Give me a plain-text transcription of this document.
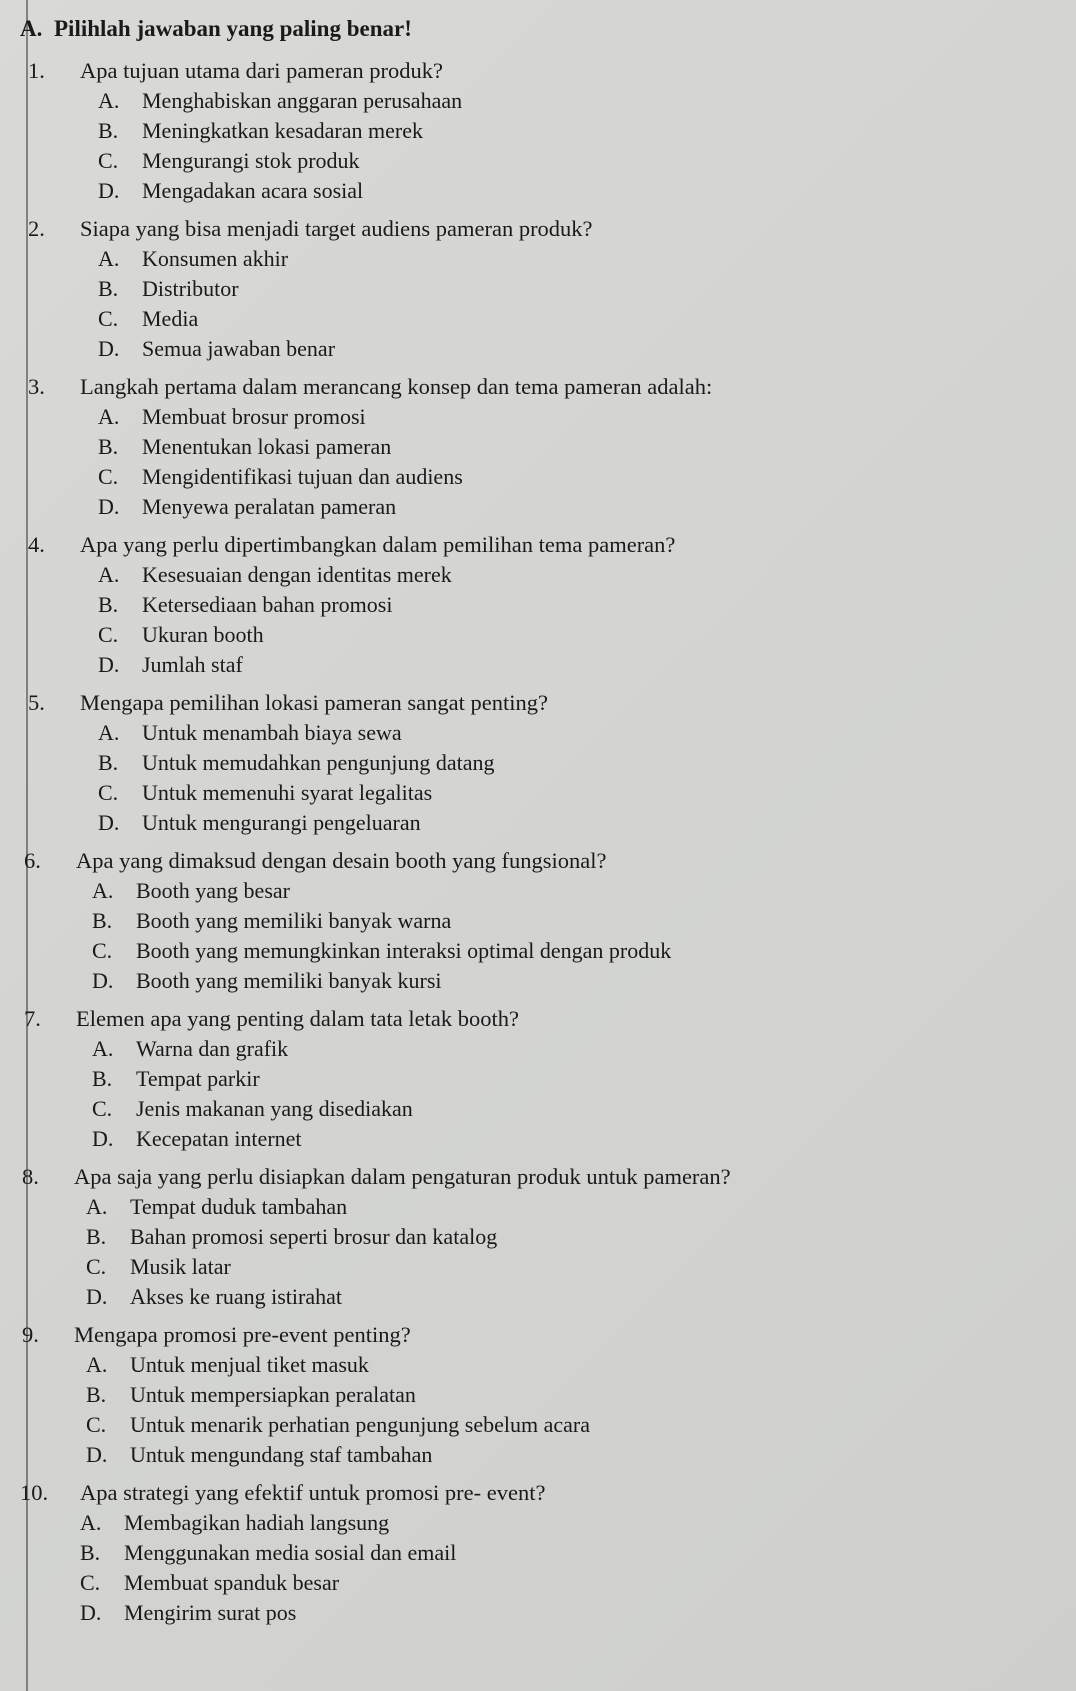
A. Pilihlah jawaban yang paling benar!
1. Apa tujuan utama dari pameran produk?
A. Menghabiskan anggaran perusahaan
B. Meningkatkan kesadaran merek
C. Mengurangi stok produk
D. Mengadakan acara sosial
2. Siapa yang bisa menjadi target audiens pameran produk?
A. Konsumen akhir
B. Distributor
C. Media
D. Semua jawaban benar
3. Langkah pertama dalam merancang konsep dan tema pameran adalah:
A. Membuat brosur promosi
B. Menentukan lokasi pameran
C. Mengidentifikasi tujuan dan audiens
D. Menyewa peralatan pameran
4. Apa yang perlu dipertimbangkan dalam pemilihan tema pameran?
A. Kesesuaian dengan identitas merek
B. Ketersediaan bahan promosi
C. Ukuran booth
D. Jumlah staf
5. Mengapa pemilihan lokasi pameran sangat penting?
A. Untuk menambah biaya sewa
B. Untuk memudahkan pengunjung datang
C. Untuk memenuhi syarat legalitas
D. Untuk mengurangi pengeluaran
6. Apa yang dimaksud dengan desain booth yang fungsional?
A. Booth yang besar
B. Booth yang memiliki banyak warna
C. Booth yang memungkinkan interaksi optimal dengan produk
D. Booth yang memiliki banyak kursi
7. Elemen apa yang penting dalam tata letak booth?
A. Warna dan grafik
B. Tempat parkir
C. Jenis makanan yang disediakan
D. Kecepatan internet
8. Apa saja yang perlu disiapkan dalam pengaturan produk untuk pameran?
A. Tempat duduk tambahan
B. Bahan promosi seperti brosur dan katalog
C. Musik latar
D. Akses ke ruang istirahat
9. Mengapa promosi pre-event penting?
A. Untuk menjual tiket masuk
B. Untuk mempersiapkan peralatan
C. Untuk menarik perhatian pengunjung sebelum acara
D. Untuk mengundang staf tambahan
10. Apa strategi yang efektif untuk promosi pre- event?
A. Membagikan hadiah langsung
B. Menggunakan media sosial dan email
C. Membuat spanduk besar
D. Mengirim surat pos
